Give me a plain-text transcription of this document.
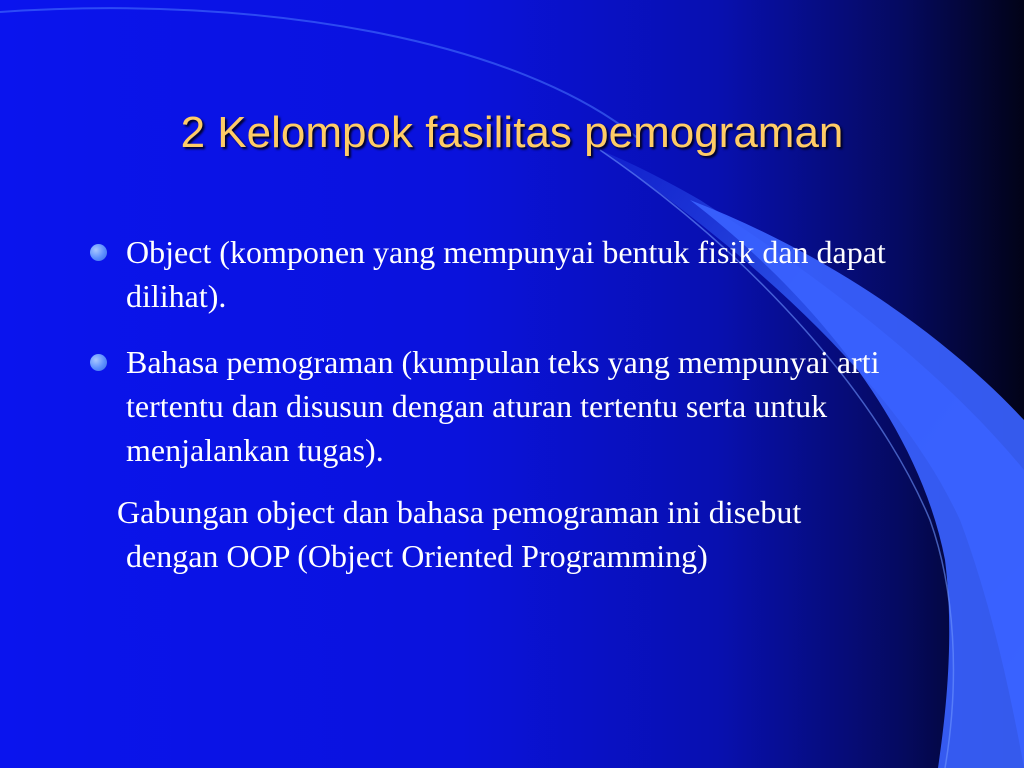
2 Kelompok fasilitas pemograman

Object (komponen yang mempunyai bentuk fisik dan dapat dilihat).

Bahasa pemograman (kumpulan teks yang mempunyai arti tertentu dan disusun dengan aturan tertentu serta untuk menjalankan tugas).

Gabungan object dan bahasa pemograman ini disebut dengan OOP (Object Oriented Programming)
